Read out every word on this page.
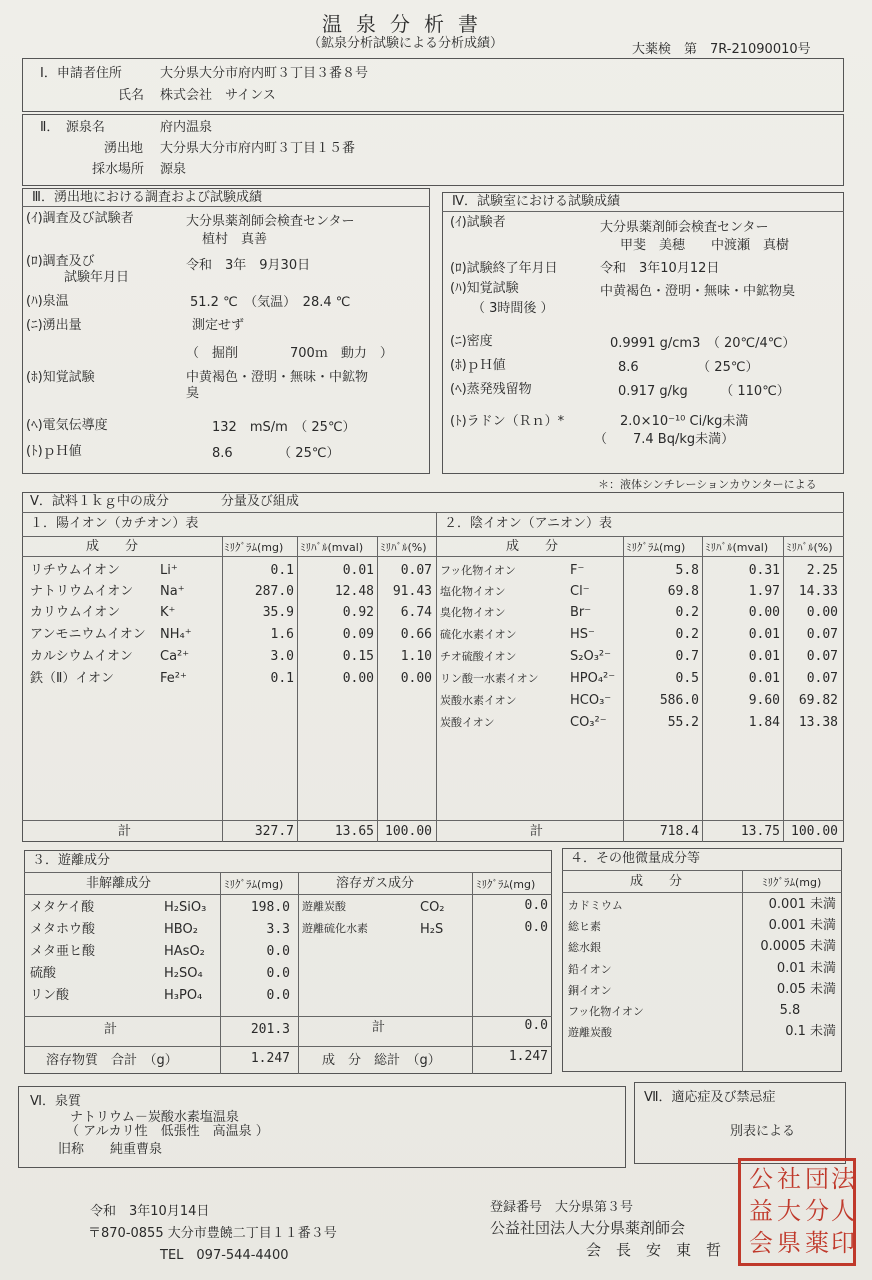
温泉分析書
（鉱泉分析試験による分析成績）	大薬検　第　7R-21090010号
Ⅰ．申請者住所	大分県大分市府内町３丁目３番８号
氏名 株式会社　サインス
Ⅱ．　源泉名	府内温泉
湧出地 大分県大分市府内町３丁目１５番
採水場所 源泉
Ⅲ．湧出地における調査および試験成績
(ｲ)調査及び試験者	大分県薬剤師会検査センター
植村　真善
(ﾛ)調査及び
試験年月日
令和　3年　9月30日
(ﾊ)泉温	51.2 ℃　（気温）　28.4 ℃
(ﾆ)湧出量	測定せず
（　掘削　　　　700ｍ　動力　）
(ﾎ)知覚試験	中黄褐色・澄明・無味・中鉱物
臭
(ﾍ)電気伝導度	132　mS/m　（ 25℃）
(ﾄ)ｐＨ値	8.6　　　　（ 25℃）
Ⅳ．試験室における試験成績
(ｲ)試験者	大分県薬剤師会検査センター
甲斐　美穂　　中渡瀬　真樹
(ﾛ)試験終了年月日	令和　3年10月12日
(ﾊ)知覚試験
（ 3時間後 ）
中黄褐色・澄明・無味・中鉱物臭
(ﾆ)密度	0.9991 g/cm3　（ 20℃/4℃）
(ﾎ)ｐＨ値	8.6　　　　　（ 25℃）
(ﾍ)蒸発残留物	0.917 g/kg　　　（ 110℃）
(ﾄ)ラドン（Ｒｎ）*	2.0×10⁻¹⁰ Ci/kg未満
（　　7.4 Bq/kg未満）
＊：液体シンチレーションカウンターによる
Ⅴ．試料１ｋｇ中の成分　　　　分量及び組成
１．陽イオン（カチオン）表	２．陰イオン（アニオン）表
成　　分	ﾐﾘｸﾞﾗﾑ(mg) ﾐﾘﾊﾞﾙ(mval) ﾐﾘﾊﾞﾙ(%)	成　　分	ﾐﾘｸﾞﾗﾑ(mg) ﾐﾘﾊﾞﾙ(mval) ﾐﾘﾊﾞﾙ(%)
リチウムイオン	Li⁺	0.1	0.01	0.07
ナトリウムイオン Na⁺	287.0	12.48	91.43
カリウムイオン	K⁺	35.9	0.92	6.74
アンモニウムイオン NH₄⁺	1.6	0.09	0.66
カルシウムイオン Ca²⁺	3.0	0.15	1.10
鉄（Ⅱ）イオン	Fe²⁺	0.1	0.00	0.00
フッ化物イオン	F⁻	5.8	0.31	2.25
塩化物イオン	Cl⁻	69.8	1.97	14.33
臭化物イオン	Br⁻	0.2	0.00	0.00
硫化水素イオン	HS⁻	0.2	0.01	0.07
チオ硫酸イオン	S₂O₃²⁻	0.7	0.01	0.07
リン酸一水素イオン HPO₄²⁻	0.5	0.01	0.07
炭酸水素イオン	HCO₃⁻	586.0	9.60	69.82
炭酸イオン	CO₃²⁻	55.2	1.84	13.38
計	327.7	13.65 100.00	計	718.4	13.75 100.00
３．遊離成分
非解離成分	ﾐﾘｸﾞﾗﾑ(mg)	溶存ガス成分	ﾐﾘｸﾞﾗﾑ(mg)
メタケイ酸	H₂SiO₃	198.0
メタホウ酸	HBO₂	3.3
メタ亜ヒ酸	HAsO₂	0.0
硫酸	H₂SO₄	0.0
リン酸	H₃PO₄	0.0
遊離炭酸	CO₂	0.0
遊離硫化水素	H₂S	0.0
計	201.3	計	0.0
溶存物質　合計　（g）	1.247 成　分　総計　（g）	1.247
４．その他微量成分等
成　　分	ﾐﾘｸﾞﾗﾑ(mg)
カドミウム	0.001 未満
総ヒ素	0.001 未満
総水銀	0.0005 未満
鉛イオン	0.01 未満
銅イオン	0.05 未満
フッ化物イオン	5.8
遊離炭酸	0.1 未満
Ⅵ．泉質
ナトリウム－炭酸水素塩温泉
（ アルカリ性　低張性　高温泉 ）
旧称　　純重曹泉
Ⅶ．適応症及び禁忌症
別表による
令和　3年10月14日
〒870-0855 大分市豊饒二丁目１１番３号
TEL　097-544-4400
登録番号　大分県第３号
公益社団法人大分県薬剤師会
会　長　安　東　哲
公 社 団 法
益 大 分 人
会 県 薬 印
